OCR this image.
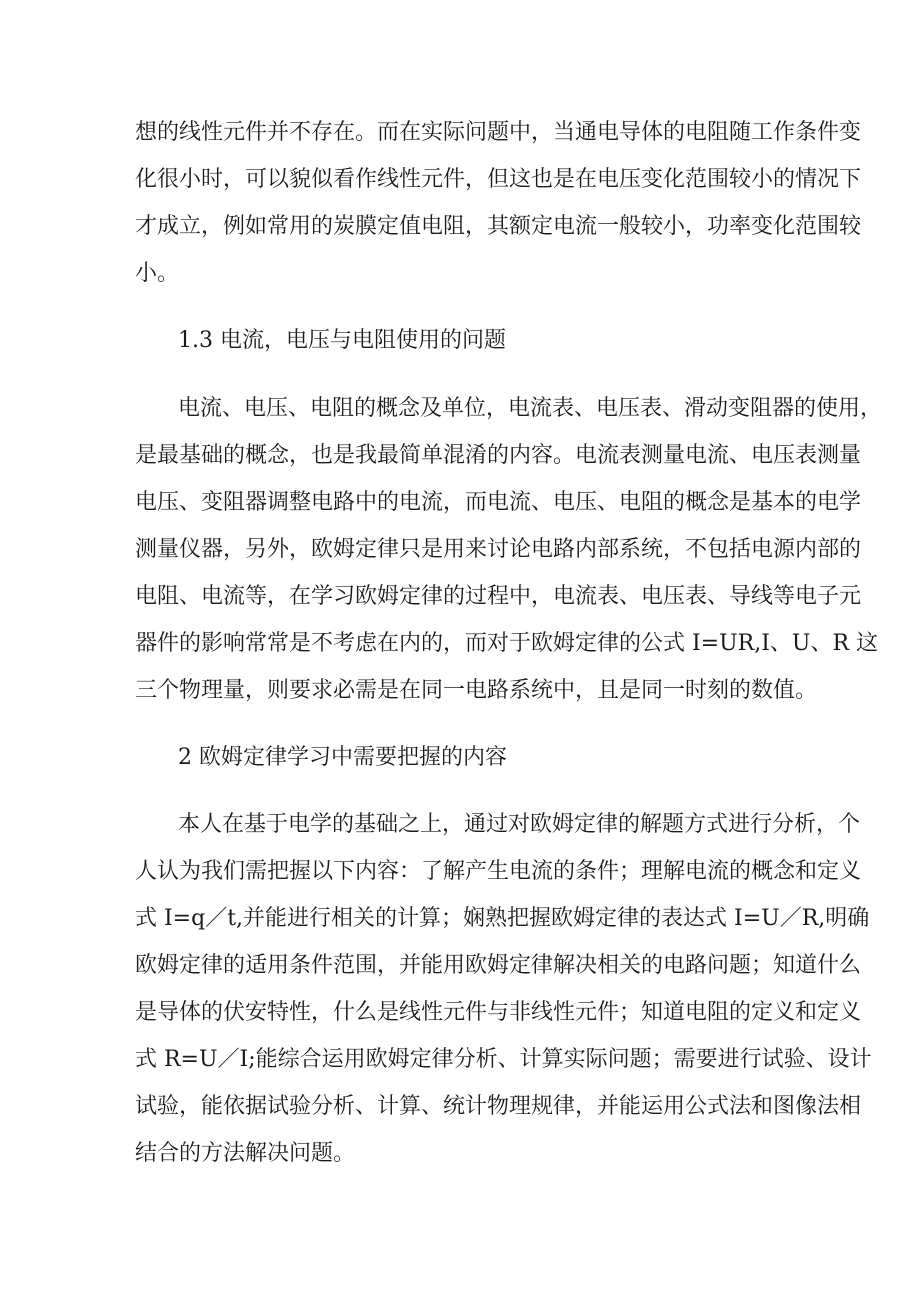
想的线性元件并不存在。而在实际问题中，当通电导体的电阻随工作条件变
化很小时，可以貌似看作线性元件，但这也是在电压变化范围较小的情况下
才成立，例如常用的炭膜定值电阻，其额定电流一般较小，功率变化范围较
小。
1.3 电流，电压与电阻使用的问题
电流、电压、电阻的概念及单位，电流表、电压表、滑动变阻器的使用，
是最基础的概念，也是我最简单混淆的内容。电流表测量电流、电压表测量
电压、变阻器调整电路中的电流，而电流、电压、电阻的概念是基本的电学
测量仪器，另外，欧姆定律只是用来讨论电路内部系统，不包括电源内部的
电阻、电流等，在学习欧姆定律的过程中，电流表、电压表、导线等电子元
器件的影响常常是不考虑在内的，而对于欧姆定律的公式 I=UR,I、U、R 这
三个物理量，则要求必需是在同一电路系统中，且是同一时刻的数值。
2 欧姆定律学习中需要把握的内容
本人在基于电学的基础之上，通过对欧姆定律的解题方式进行分析，个
人认为我们需把握以下内容：了解产生电流的条件；理解电流的概念和定义
式 I=q／t,并能进行相关的计算；娴熟把握欧姆定律的表达式 I=U／R,明确
欧姆定律的适用条件范围，并能用欧姆定律解决相关的电路问题；知道什么
是导体的伏安特性，什么是线性元件与非线性元件；知道电阻的定义和定义
式 R=U／I;能综合运用欧姆定律分析、计算实际问题；需要进行试验、设计
试验，能依据试验分析、计算、统计物理规律，并能运用公式法和图像法相
结合的方法解决问题。
